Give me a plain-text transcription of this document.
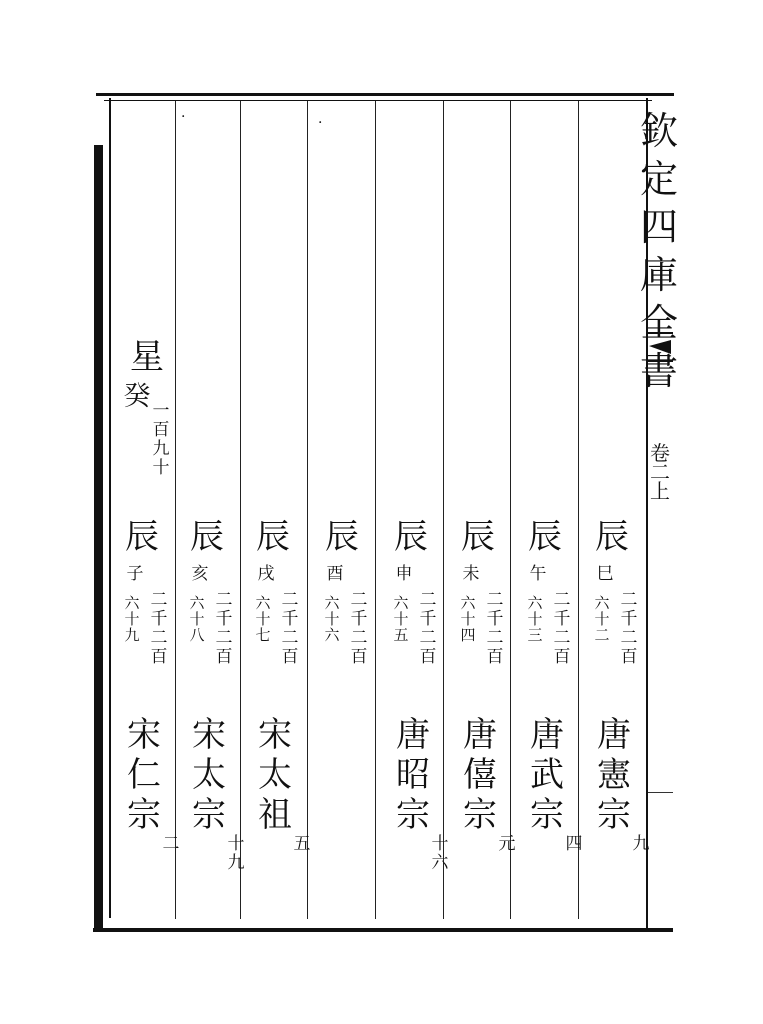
欽
定
四
庫
全
書
卷
二
上
·	·
星
癸 一
百
九
十
辰
巳
二
千
二
百
六
十
二
唐
憲
宗
九
辰
午
二
千
二
百
六
十
三
唐
武
宗
四
辰
未
二
千
二
百
六
十
四
唐
僖
宗
元
辰
申
二
千
二
百
六
十
五
唐
昭
宗
十
六
辰
酉
二
千
二
百
六
十
六
辰
戌
二
千
二
百
六
十
七
宋
太
祖
五
辰
亥
二
千
二
百
六
十
八
宋
太
宗
十
九
辰
子
二
千
二
百
六
十
九
宋
仁
宗
二
